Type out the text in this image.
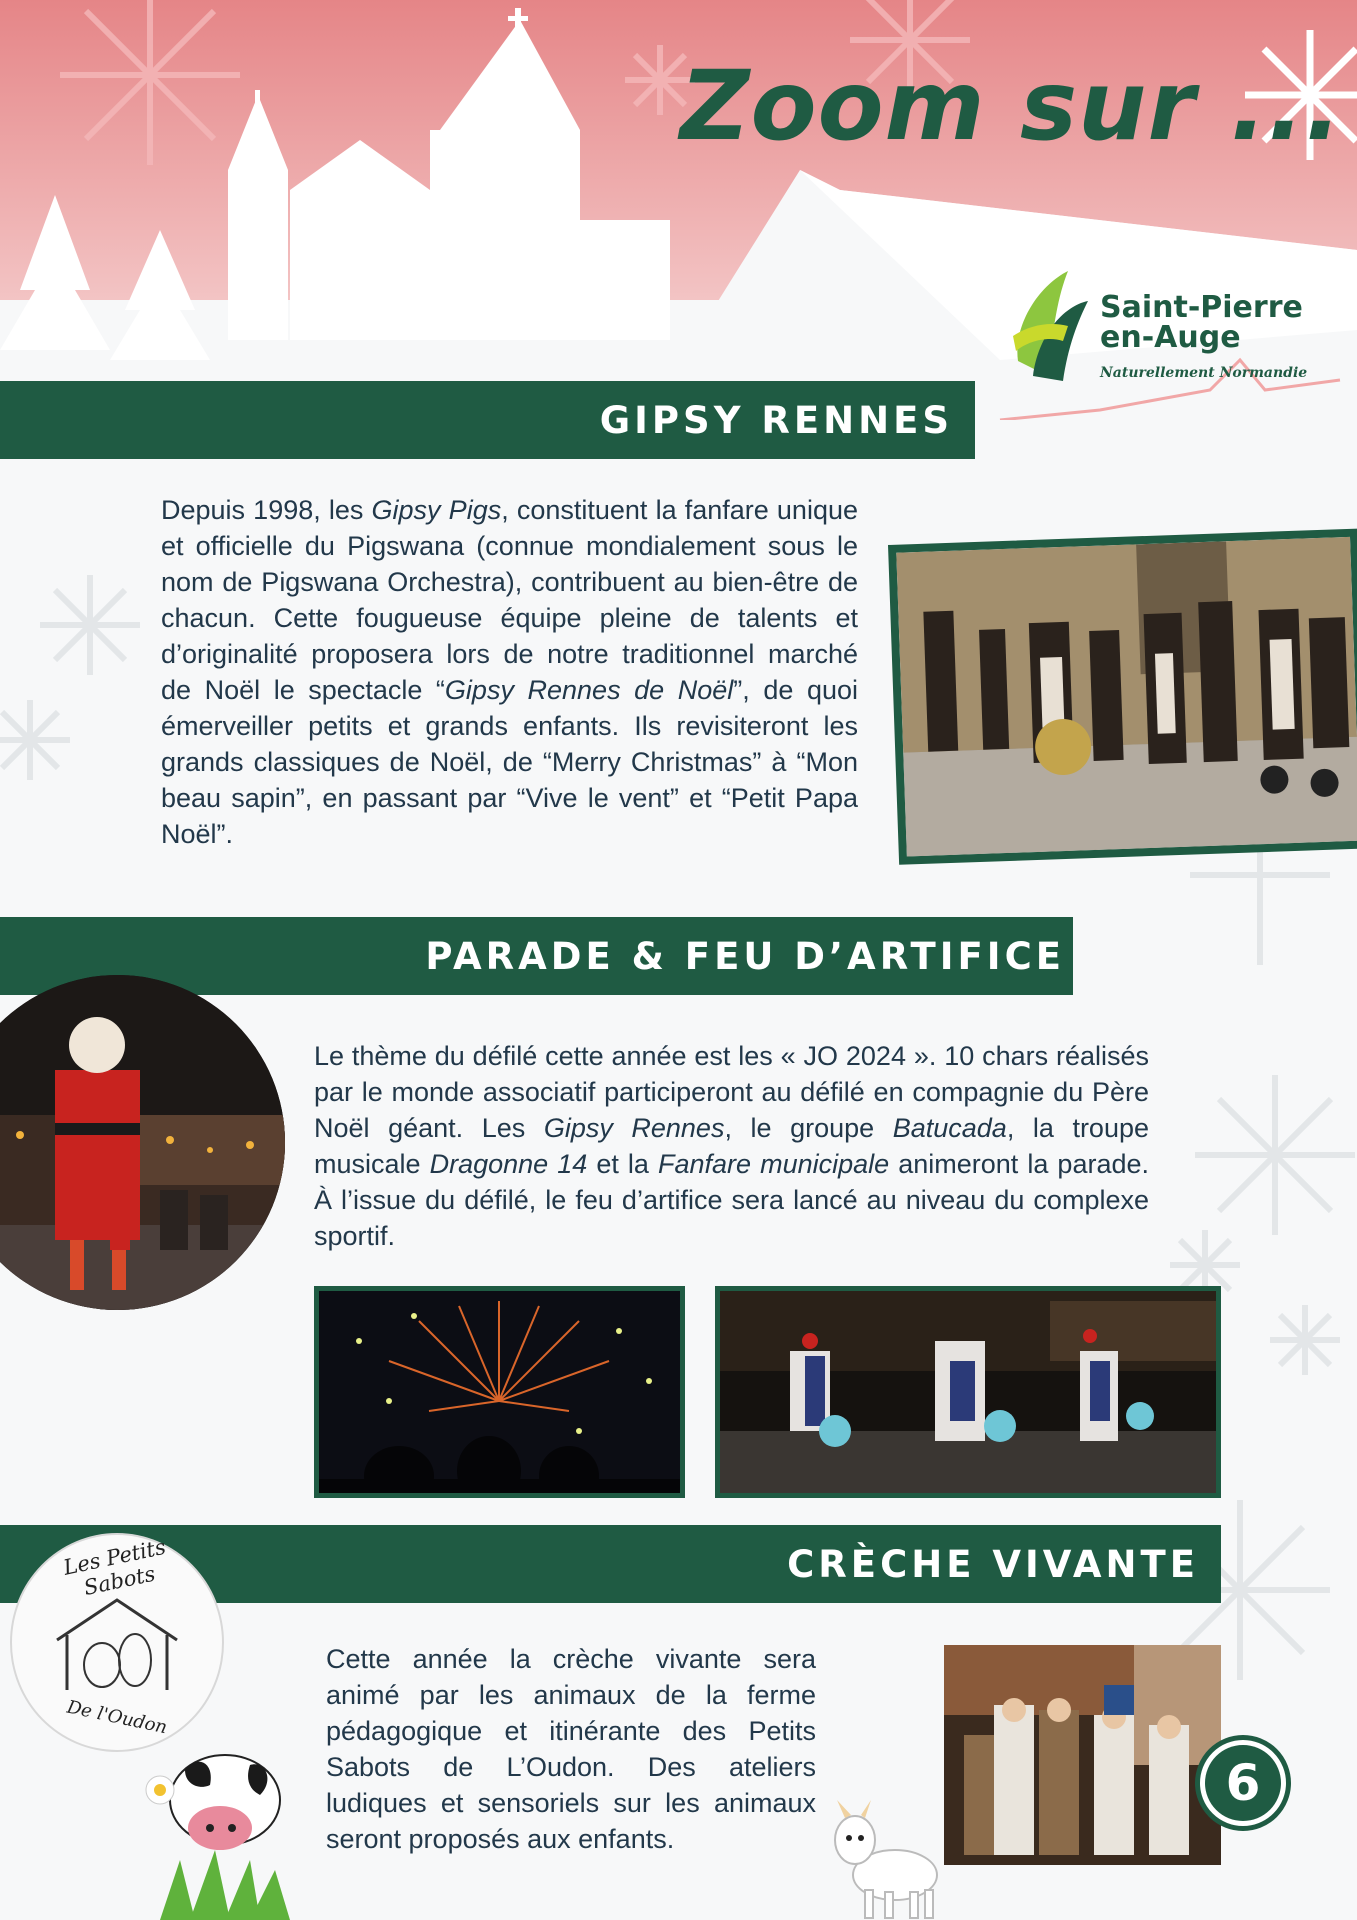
Zoom sur ...
Saint-Pierre
en-Auge
Naturellement Normandie
GIPSY RENNES
Depuis 1998, les Gipsy Pigs, constituent la fanfare unique et officielle du Pigswana (connue mondialement sous le nom de Pigswana Orchestra), contribuent au bien-être de chacun. Cette fougueuse équipe pleine de talents et d’originalité proposera lors de notre traditionnel marché de Noël le spectacle “Gipsy Rennes de Noël”, de quoi émerveiller petits et grands enfants. Ils revisiteront les grands classiques de Noël, de “Merry Christmas” à “Mon beau sapin”, en passant par “Vive le vent” et “Petit Papa Noël”.
PARADE & FEU D’ARTIFICE
Le thème du défilé cette année est les « JO 2024 ». 10 chars réalisés par le monde associatif participeront au défilé en compagnie du Père Noël géant. Les Gipsy Rennes, le groupe Batucada, la troupe musicale Dragonne 14 et la Fanfare municipale animeront la parade. À l’issue du défilé, le feu d’artifice sera lancé au niveau du complexe sportif.
CRÈCHE VIVANTE
Les Petits Sabots
De l'Oudon
Cette année la crèche vivante sera animé par les animaux de la ferme pédagogique et itinérante des Petits Sabots de L’Oudon. Des ateliers ludiques et sensoriels sur les animaux seront proposés aux enfants.
6
